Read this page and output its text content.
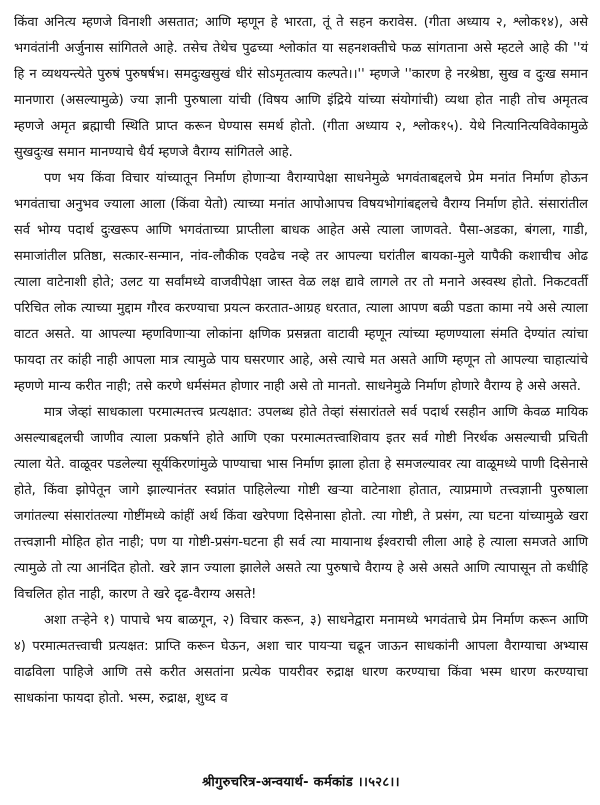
किंवा अनित्य म्हणजे विनाशी असतात; आणि म्हणून हे भारता, तूं ते सहन करावेस. (गीता अध्याय २, श्लोक१४), असे भगवंतांनी अर्जुनास सांगितले आहे. तसेच तेथेच पुढच्या श्लोकांत या सहनशक्तीचे फळ सांगताना असे म्हटले आहे की ''यं हि न व्यथयन्त्येते पुरुषं पुरुषर्षभ। समदुःखसुखं धीरं सोऽमृतत्वाय कल्पते।।'' म्हणजे ''कारण हे नरश्रेष्ठा, सुख व दुःख समान मानणारा (असल्यामुळे) ज्या ज्ञानी पुरुषाला यांची (विषय आणि इंद्रिये यांच्या संयोगांची) व्यथा होत नाही तोच अमृतत्व म्हणजे अमृत ब्रह्माची स्थिति प्राप्त करून घेण्यास समर्थ होतो. (गीता अध्याय २, श्लोक१५). येथे नित्यानित्यविवेकामुळे सुखदुःख समान मानण्याचे धैर्य म्हणजे वैराग्य सांगितले आहे.

पण भय किंवा विचार यांच्यातून निर्माण होणाऱ्या वैराग्यापेक्षा साधनेमुळे भगवंताबद्दलचे प्रेम मनांत निर्माण होऊन भगवंताचा अनुभव ज्याला आला (किंवा येतो) त्याच्या मनांत आपोआपच विषयभोगांबद्दलचे वैराग्य निर्माण होते. संसारांतील सर्व भोग्य पदार्थ दुःखरूप आणि भगवंताच्या प्राप्तीला बाधक आहेत असे त्याला जाणवते. पैसा-अडका, बंगला, गाडी, समाजांतील प्रतिष्ठा, सत्कार-सन्मान, नांव-लौकीक एवढेच नव्हे तर आपल्या घरांतील बायका-मुले यापैकी कशाचीच ओढ त्याला वाटेनाशी होते; उलट या सर्वांमध्ये वाजवीपेक्षा जास्त वेळ लक्ष द्यावे लागले तर तो मनाने अस्वस्थ होतो. निकटवर्ती परिचित लोक त्याच्या मुद्दाम गौरव करण्याचा प्रयत्न करतात-आग्रह धरतात, त्याला आपण बळी पडता कामा नये असे त्याला वाटत असते. या आपल्या म्हणविणाऱ्या लोकांना क्षणिक प्रसन्नता वाटावी म्हणून त्यांच्या म्हणण्याला संमति देण्यांत त्यांचा फायदा तर कांही नाही आपला मात्र त्यामुळे पाय घसरणार आहे, असे त्याचे मत असते आणि म्हणून तो आपल्या चाहात्यांचे म्हणणे मान्य करीत नाही; तसे करणे धर्मसंमत होणार नाही असे तो मानतो. साधनेमुळे निर्माण होणारे वैराग्य हे असे असते.

मात्र जेव्हां साधकाला परमात्मतत्त्व प्रत्यक्षात: उपलब्ध होते तेव्हां संसारांतले सर्व पदार्थ रसहीन आणि केवळ मायिक असल्याबद्दलची जाणीव त्याला प्रकर्षाने होते आणि एका परमात्मतत्त्वाशिवाय इतर सर्व गोष्टी निरर्थक असल्याची प्रचिती त्याला येते. वाळूवर पडलेल्या सूर्यकिरणांमुळे पाण्याचा भास निर्माण झाला होता हे समजल्यावर त्या वाळूमध्ये पाणी दिसेनासे होते, किंवा झोपेतून जागे झाल्यानंतर स्वप्नांत पाहिलेल्या गोष्टी खऱ्या वाटेनाशा होतात, त्याप्रमाणे तत्त्वज्ञानी पुरुषाला जगांतल्या संसारांतल्या गोष्टींमध्ये कांहीं अर्थ किंवा खरेपणा दिसेनासा होतो. त्या गोष्टी, ते प्रसंग, त्या घटना यांच्यामुळे खरा तत्त्वज्ञानी मोहित होत नाही; पण या गोष्टी-प्रसंग-घटना ही सर्व त्या मायानाथ ईश्वराची लीला आहे हे त्याला समजते आणि त्यामुळे तो त्या आनंदित होतो. खरे ज्ञान ज्याला झालेले असते त्या पुरुषाचे वैराग्य हे असे असते आणि त्यापासून तो कधीहि विचलित होत नाही, कारण ते खरे दृढ-वैराग्य असते!

अशा तऱ्हेने १) पापाचे भय बाळगून, २) विचार करून, ३) साधनेद्वारा मनामध्ये भगवंताचे प्रेम निर्माण करून आणि ४) परमात्मतत्त्वाची प्रत्यक्षत: प्राप्ति करून घेऊन, अशा चार पायऱ्या चढून जाऊन साधकांनी आपला वैराग्याचा अभ्यास वाढविला पाहिजे आणि तसे करीत असतांना प्रत्येक पायरीवर रुद्राक्ष धारण करण्याचा किंवा भस्म धारण करण्याचा साधकांना फायदा होतो. भस्म, रुद्राक्ष, शुध्द व

श्रीगुरुचरित्र-अन्वयार्थ- कर्मकांड ।।५२८।।
